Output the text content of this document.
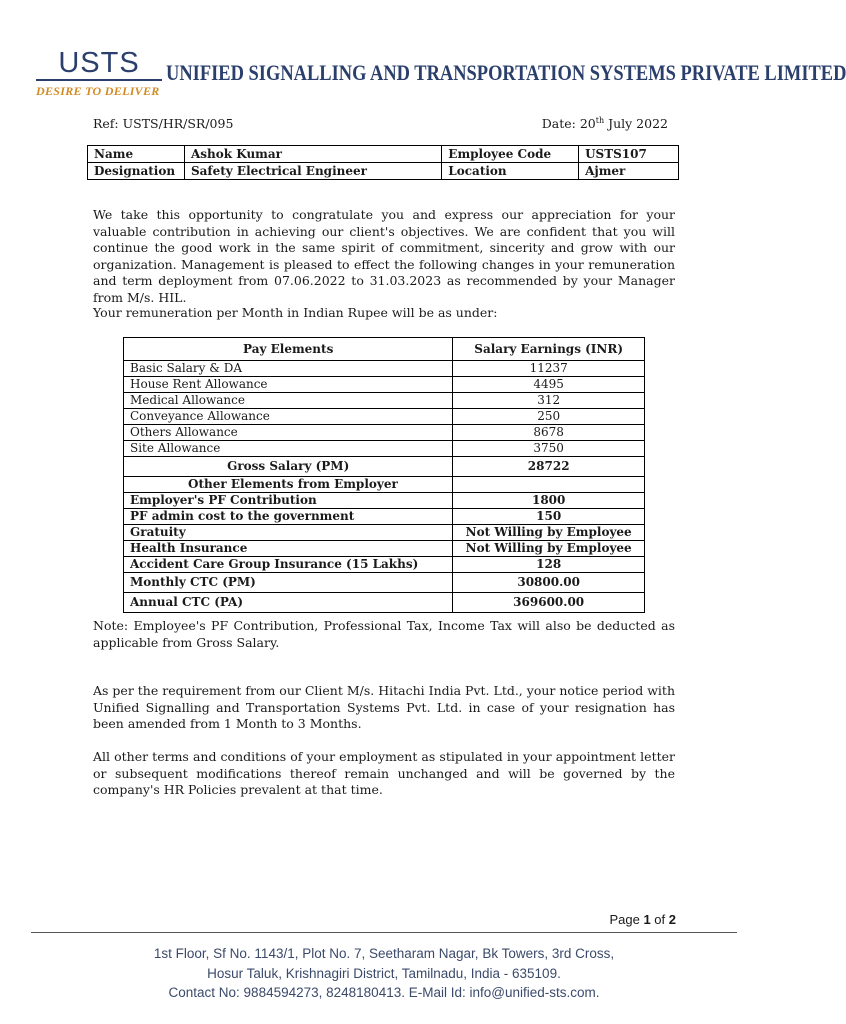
USTS
DESIRE TO DELIVER
UNIFIED SIGNALLING AND TRANSPORTATION SYSTEMS PRIVATE LIMITED
Ref: USTS/HR/SR/095	Date: 20th July 2022
Name	Ashok Kumar	Employee Code	USTS107
Designation	Safety Electrical Engineer	Location	Ajmer
We take this opportunity to congratulate you and express our appreciation for your valuable contribution in achieving our client's objectives. We are confident that you will continue the good work in the same spirit of commitment, sincerity and grow with our organization. Management is pleased to effect the following changes in your remuneration and term deployment from 07.06.2022 to 31.03.2023 as recommended by your Manager from M/s. HIL.
Your remuneration per Month in Indian Rupee will be as under:
Pay Elements	Salary Earnings (INR)
Basic Salary & DA	11237
House Rent Allowance	4495
Medical Allowance	312
Conveyance Allowance	250
Others Allowance	8678
Site Allowance	3750
Gross Salary (PM)	28722
Other Elements from Employer	
Employer's PF Contribution	1800
PF admin cost to the government	150
Gratuity	Not Willing by Employee
Health Insurance	Not Willing by Employee
Accident Care Group Insurance (15 Lakhs)	128
Monthly CTC (PM)	30800.00
Annual CTC (PA)	369600.00
Note: Employee's PF Contribution, Professional Tax, Income Tax will also be deducted as applicable from Gross Salary.
As per the requirement from our Client M/s. Hitachi India Pvt. Ltd., your notice period with Unified Signalling and Transportation Systems Pvt. Ltd. in case of your resignation has been amended from 1 Month to 3 Months.
All other terms and conditions of your employment as stipulated in your appointment letter or subsequent modifications thereof remain unchanged and will be governed by the company's HR Policies prevalent at that time.
Page 1 of 2
1st Floor, Sf No. 1143/1, Plot No. 7, Seetharam Nagar, Bk Towers, 3rd Cross,
Hosur Taluk, Krishnagiri District, Tamilnadu, India - 635109.
Contact No: 9884594273, 8248180413. E-Mail Id: info@unified-sts.com.
